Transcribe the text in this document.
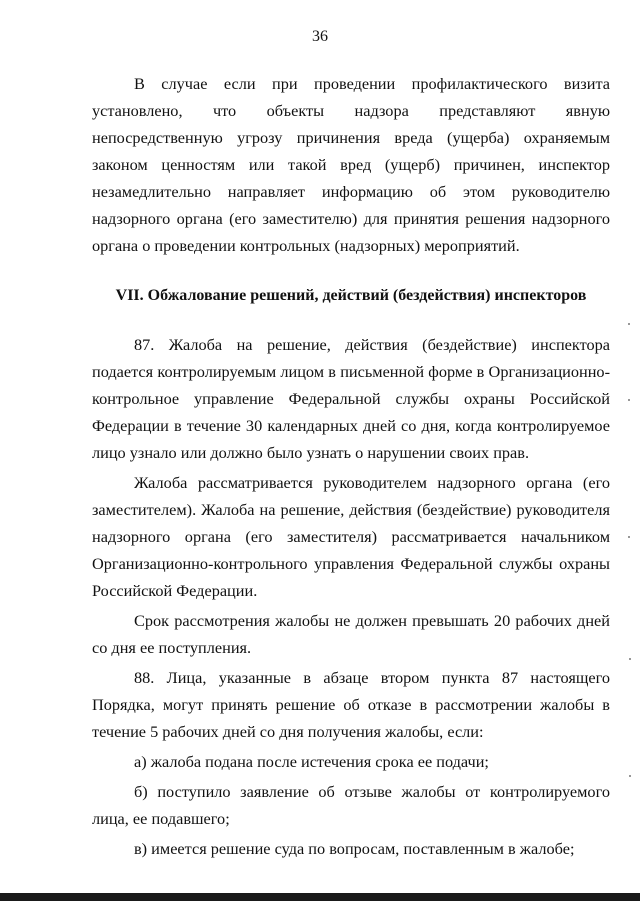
36

В случае если при проведении профилактического визита установлено, что объекты надзора представляют явную непосредственную угрозу причинения вреда (ущерба) охраняемым законом ценностям или такой вред (ущерб) причинен, инспектор незамедлительно направляет информацию об этом руководителю надзорного органа (его заместителю) для принятия решения надзорного органа о проведении контрольных (надзорных) мероприятий.

VII. Обжалование решений, действий (бездействия) инспекторов

87. Жалоба на решение, действия (бездействие) инспектора подается контролируемым лицом в письменной форме в Организационно-контрольное управление Федеральной службы охраны Российской Федерации в течение 30 календарных дней со дня, когда контролируемое лицо узнало или должно было узнать о нарушении своих прав.

Жалоба рассматривается руководителем надзорного органа (его заместителем). Жалоба на решение, действия (бездействие) руководителя надзорного органа (его заместителя) рассматривается начальником Организационно-контрольного управления Федеральной службы охраны Российской Федерации.

Срок рассмотрения жалобы не должен превышать 20 рабочих дней со дня ее поступления.

88. Лица, указанные в абзаце втором пункта 87 настоящего Порядка, могут принять решение об отказе в рассмотрении жалобы в течение 5 рабочих дней со дня получения жалобы, если:

а) жалоба подана после истечения срока ее подачи;

б) поступило заявление об отзыве жалобы от контролируемого лица, ее подавшего;

в) имеется решение суда по вопросам, поставленным в жалобе;
